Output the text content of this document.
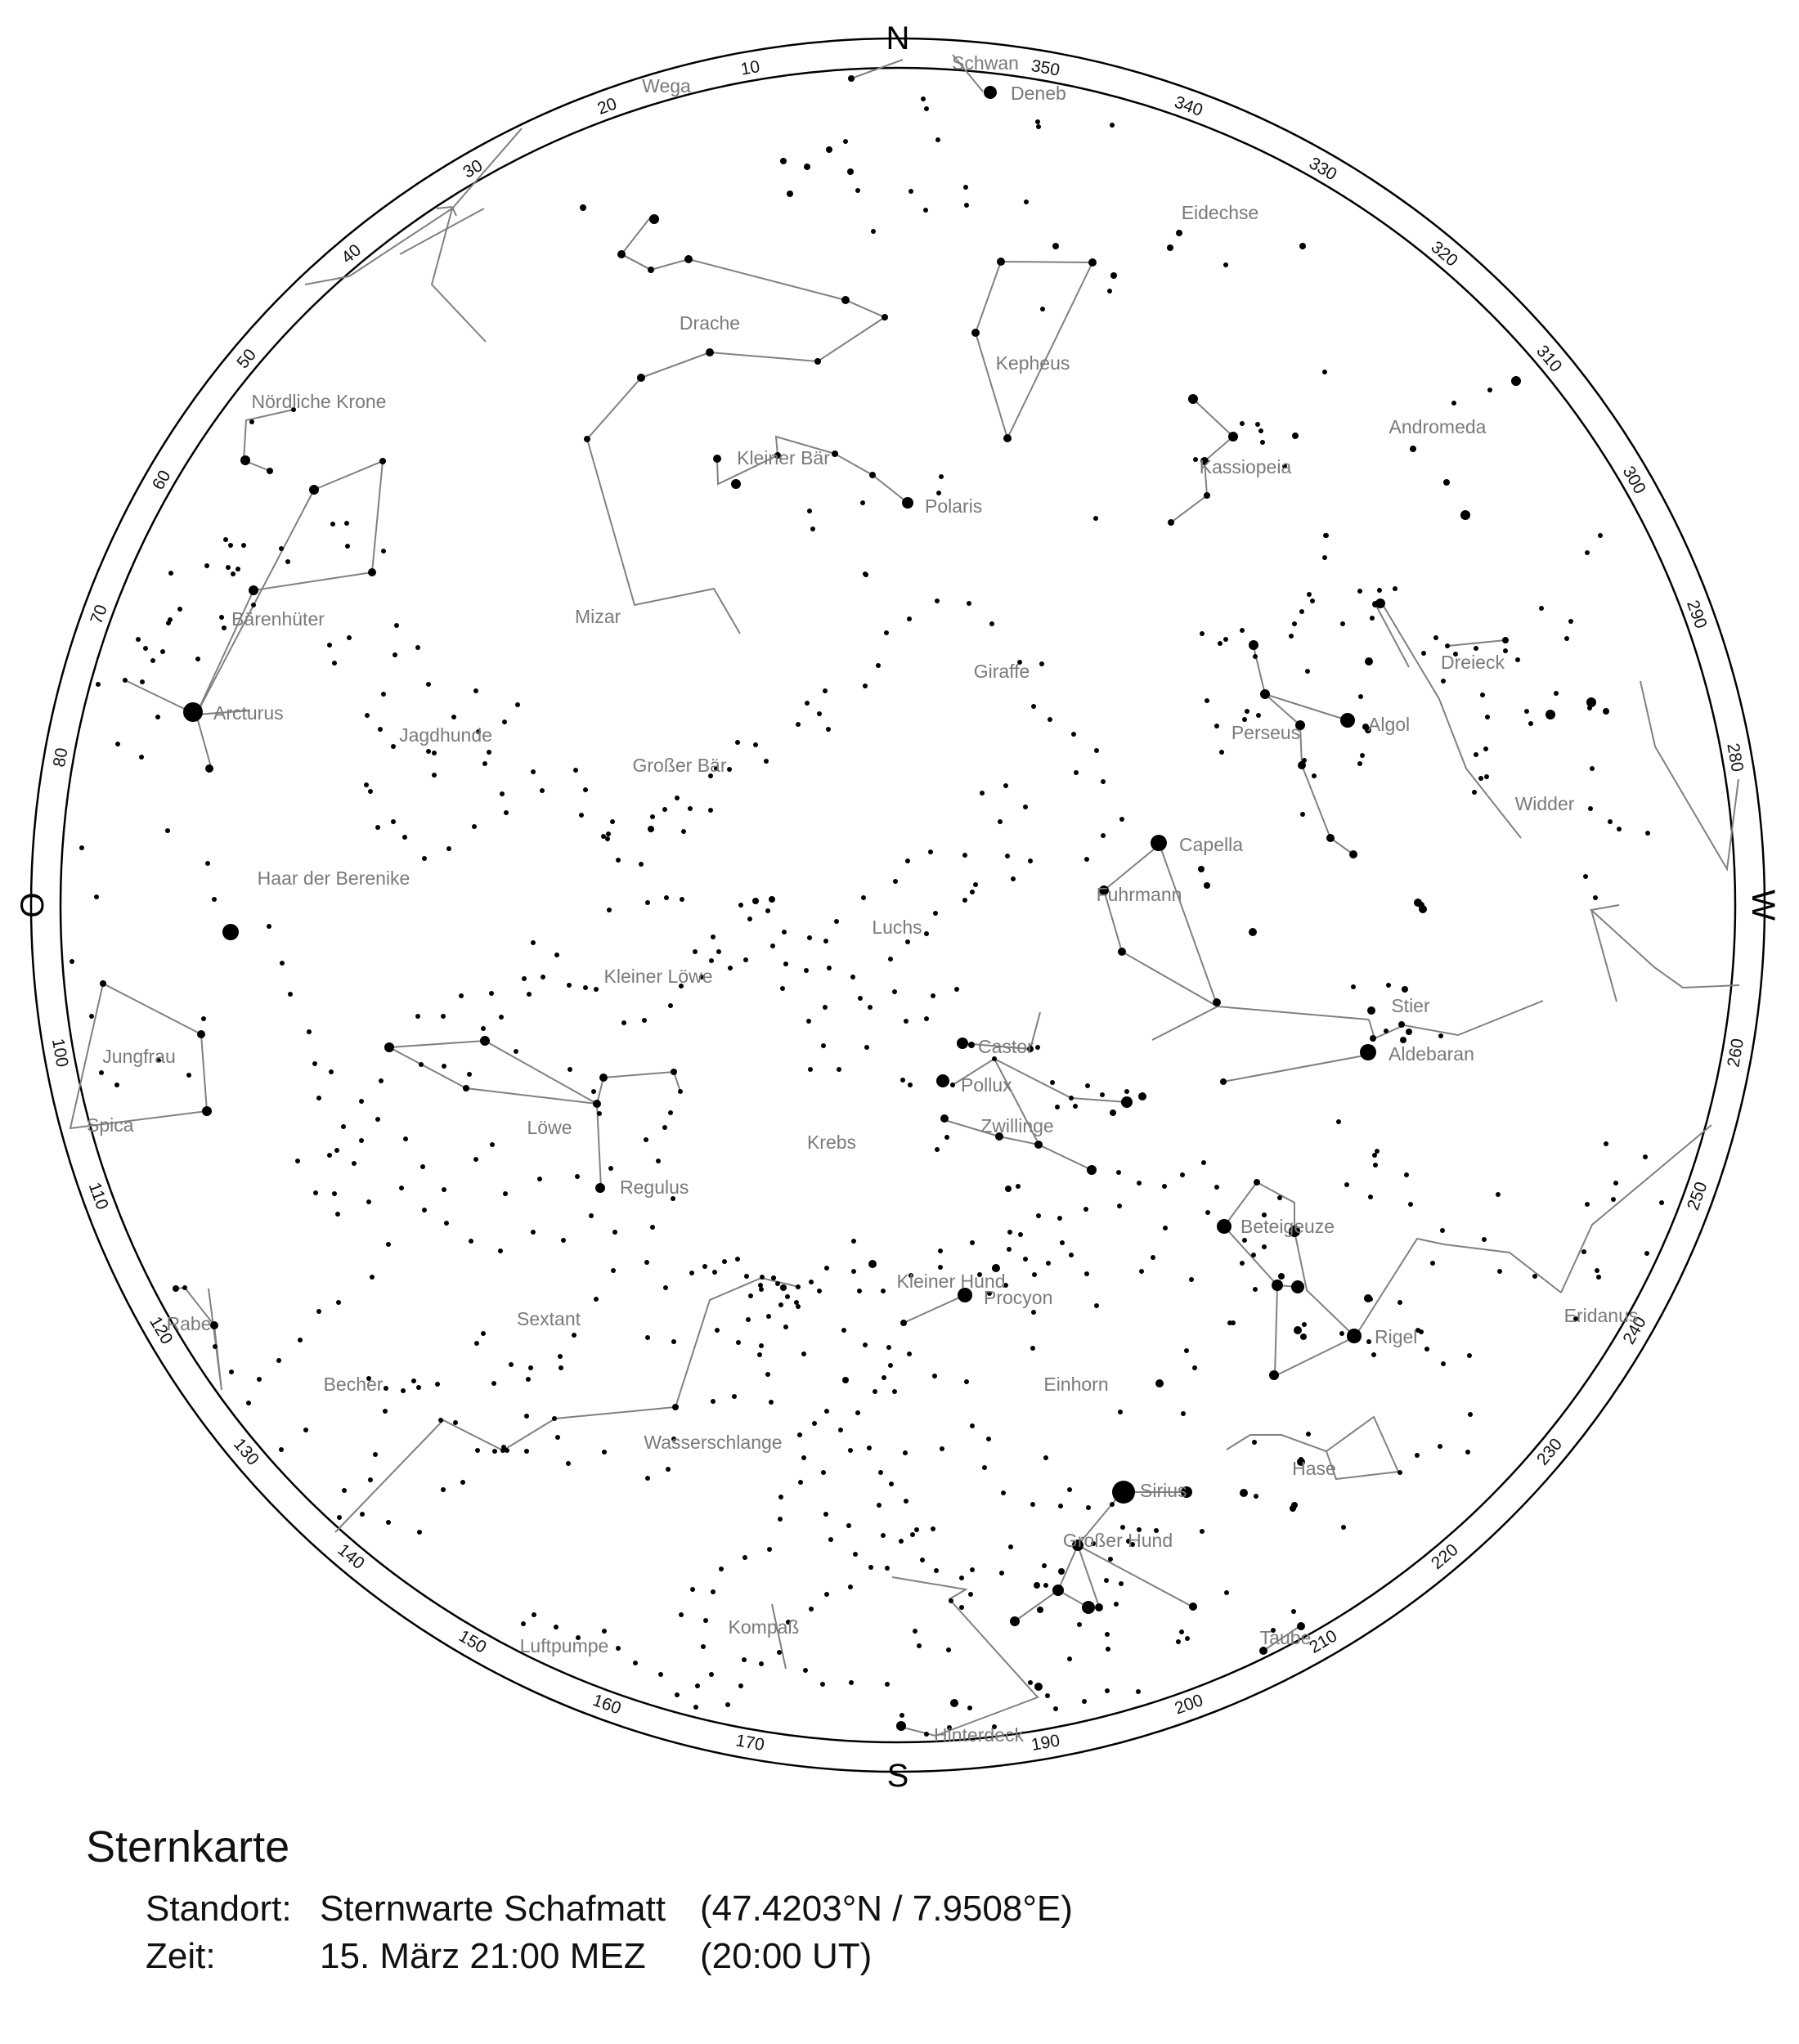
10
20
30
40
50
60
70
80
100
110
120
130
140
150
160
170	190
200
210
220
230
240
250
260
280
290
300
310
320
330
340
350
N
W
S
O
Deneb
Polaris
Mizar
Arcturus
Capella
Algol
Castor
Pollux
Aldebaran
Regulus
Spica
Beteigeuze
Rigel
Procyon
Sirius
Schwan
Wega
Eidechse
Drache
Kepheus
Nördliche Krone
Kleiner Bär	Kassiopeia
Andromeda
Bärenhüter
Giraffe	Dreieck
Jagdhunde
Großer Bär
Perseus
Widder
Haar der Berenike
Fuhrmann
Luchs
Kleiner Löwe
Stier
Jungfrau
Löwe	Zwillinge
Krebs
Kleiner Hund
Rabe	Sextant
Becher	Einhorn
Eridanus
Wasserschlange
Hase
Großer Hund
Kompaß	Taube
Luftpumpe
Hinterdeck
Sternkarte
Standort: Sternwarte Schafmatt (47.4203°N / 7.9508°E)
Zeit:	15. März 21:00 MEZ (20:00 UT)
